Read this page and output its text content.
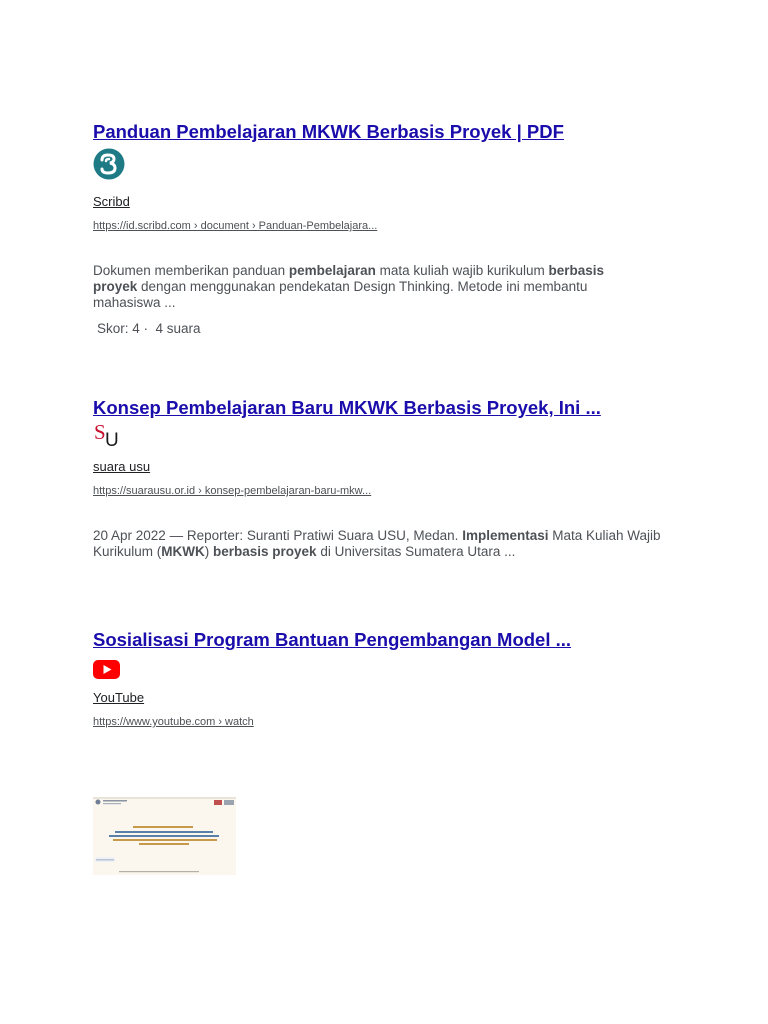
Panduan Pembelajaran MKWK Berbasis Proyek | PDF
Scribd
https://id.scribd.com › document › Panduan-Pembelajara...
Dokumen memberikan panduan pembelajaran mata kuliah wajib kurikulum berbasis
proyek dengan menggunakan pendekatan Design Thinking. Metode ini membantu
mahasiswa ...
Skor: 4 · 4 suara
Konsep Pembelajaran Baru MKWK Berbasis Proyek, Ini ...
S U
suara usu
https://suarausu.or.id › konsep-pembelajaran-baru-mkw...
20 Apr 2022 — Reporter: Suranti Pratiwi Suara USU, Medan. Implementasi Mata Kuliah Wajib
Kurikulum (MKWK) berbasis proyek di Universitas Sumatera Utara ...
Sosialisasi Program Bantuan Pengembangan Model ...
YouTube
https://www.youtube.com › watch
